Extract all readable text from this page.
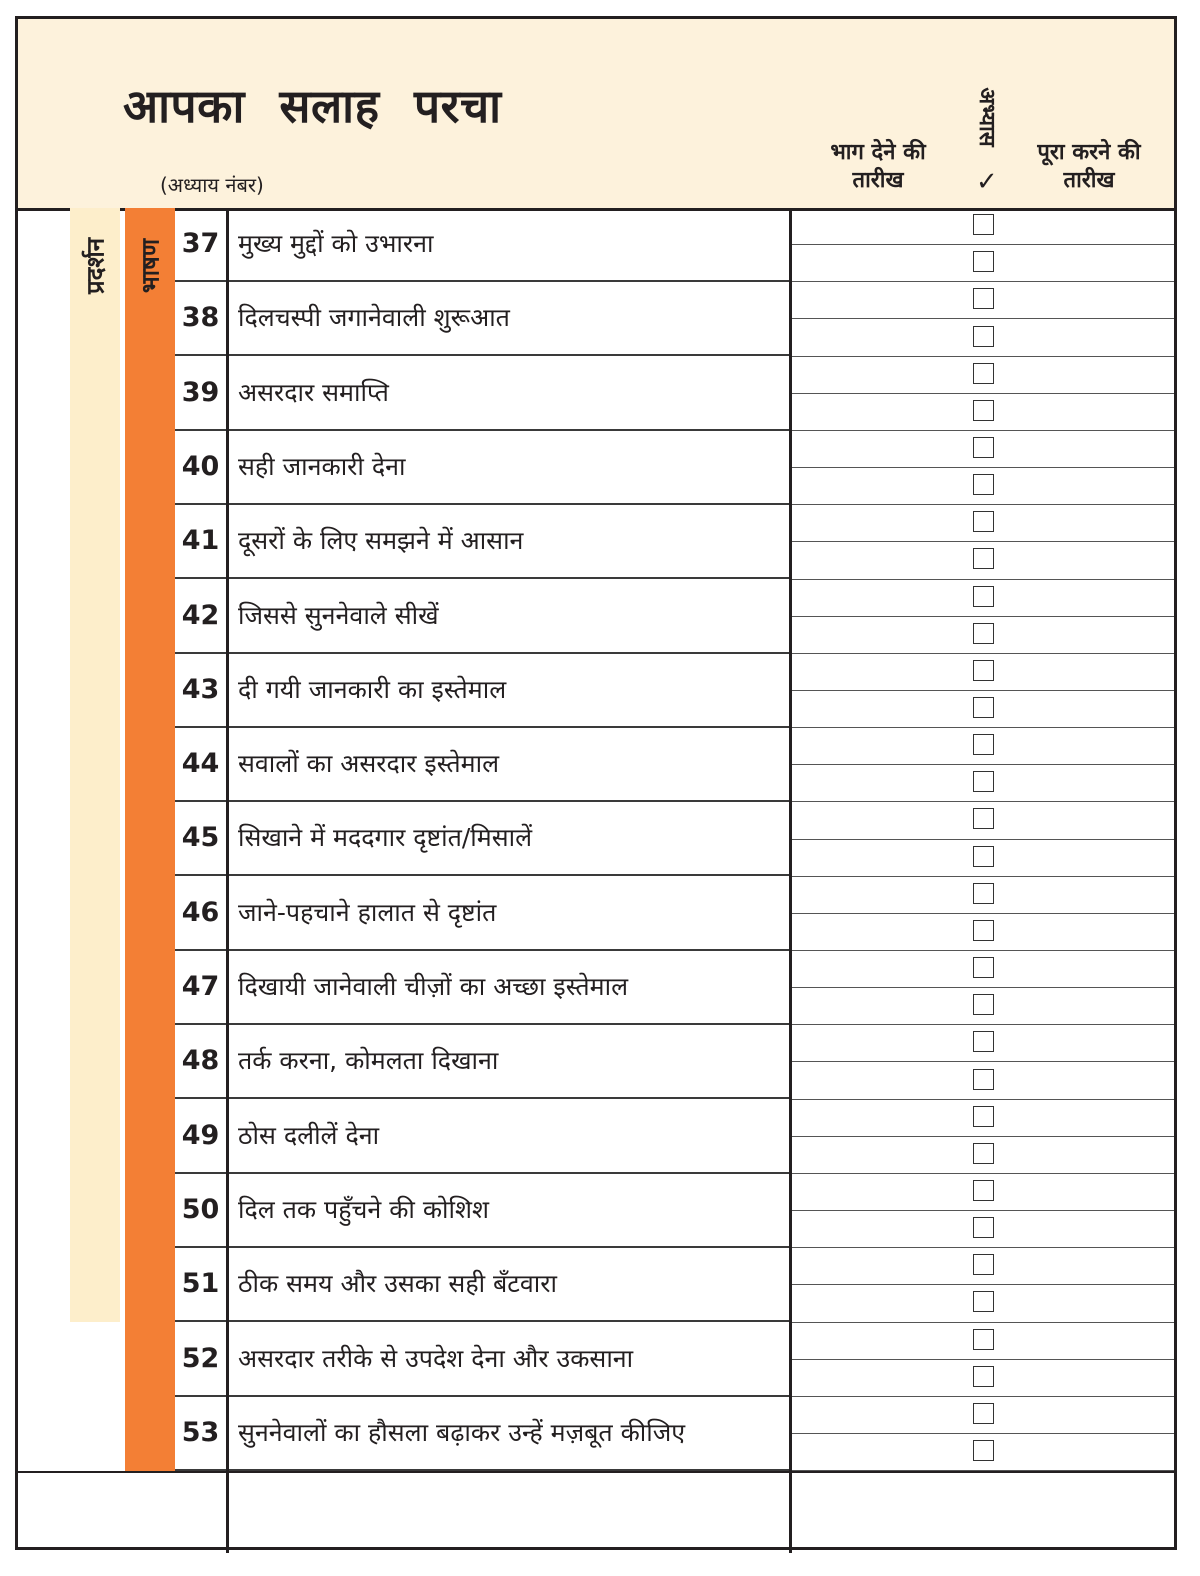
आपका सलाह परचा
(अध्याय नंबर)
भाग देने की तारीख
अभ्यास
✓
पूरा करने की तारीख
प्रदर्शन भाषण 37 मुख्य मुद्दों को उभारना
38 दिलचस्पी जगानेवाली शुरूआत
39 असरदार समाप्ति
40 सही जानकारी देना
41 दूसरों के लिए समझने में आसान
42 जिससे सुननेवाले सीखें
43 दी गयी जानकारी का इस्तेमाल
44 सवालों का असरदार इस्तेमाल
45 सिखाने में मददगार दृष्टांत/मिसालें
46 जाने-पहचाने हालात से दृष्टांत
47 दिखायी जानेवाली चीज़ों का अच्छा इस्तेमाल
48 तर्क करना, कोमलता दिखाना
49 ठोस दलीलें देना
50 दिल तक पहुँचने की कोशिश
51 ठीक समय और उसका सही बँटवारा
52 असरदार तरीके से उपदेश देना और उकसाना
53 सुननेवालों का हौसला बढ़ाकर उन्हें मज़बूत कीजिए
